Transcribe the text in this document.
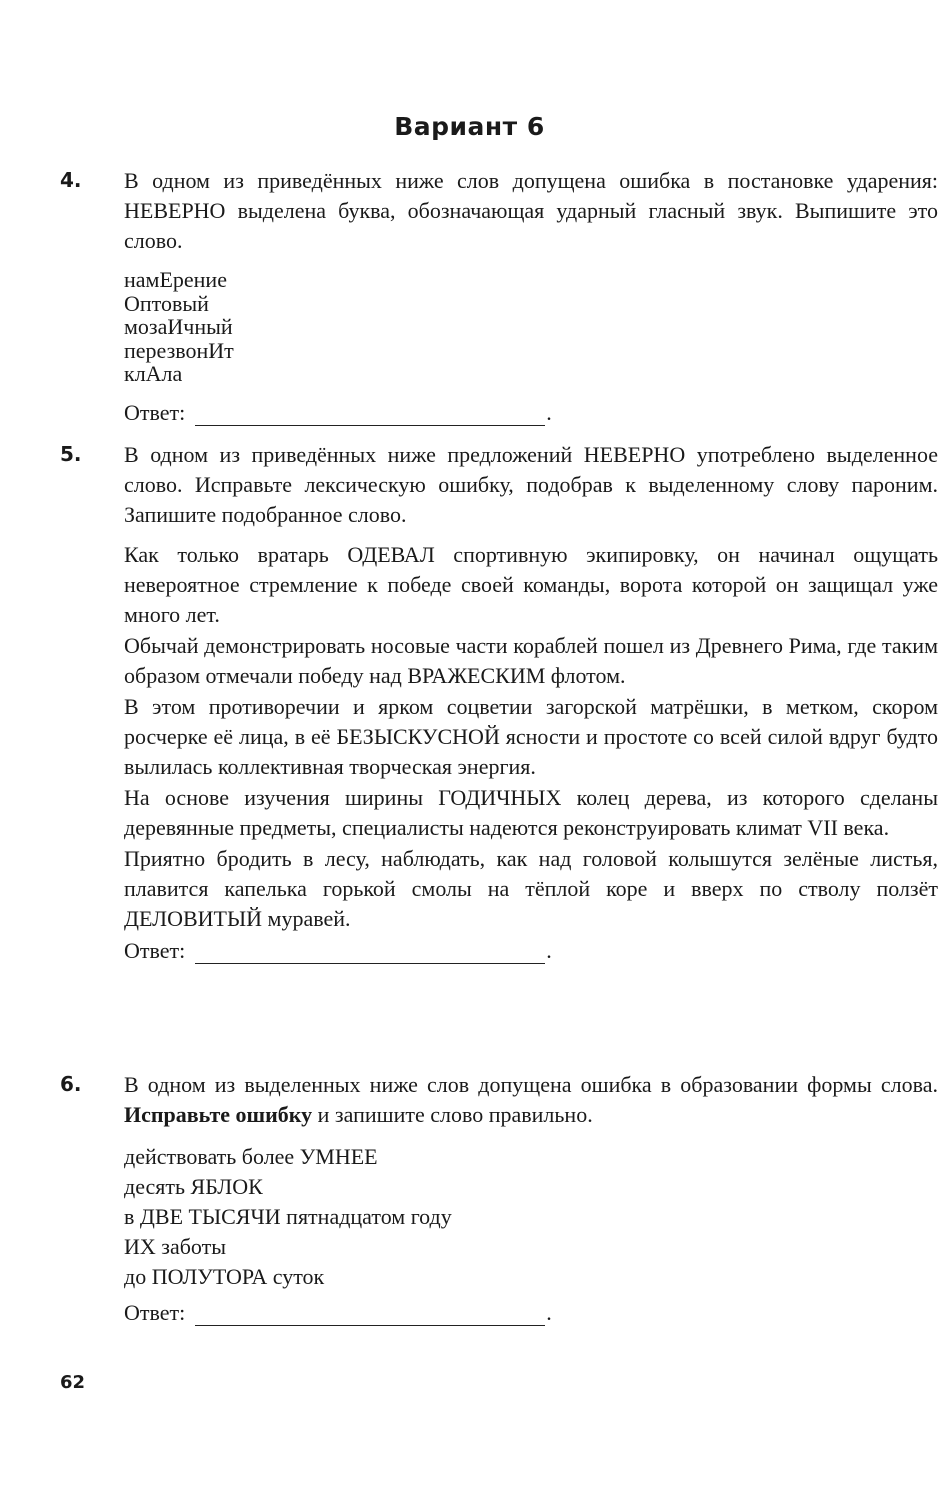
Вариант 6
4. В одном из приведённых ниже слов допущена ошибка в постановке ударения: НЕВЕРНО выделена буква, обозначающая ударный гласный звук. Выпишите это слово.

намЕрение
Оптовый
мозаИчный
перезвонИт
клАла
Ответ:	.
5. В одном из приведённых ниже предложений НЕВЕРНО употреблено выделенное слово. Исправьте лексическую ошибку, подобрав к выделенному слову пароним. Запишите подобранное слово.

Как только вратарь ОДЕВАЛ спортивную экипировку, он начинал ощущать невероятное стремление к победе своей команды, ворота которой он защищал уже много лет.

Обычай демонстрировать носовые части кораблей пошел из Древнего Рима, где таким образом отмечали победу над ВРАЖЕСКИМ флотом.

В этом противоречии и ярком соцветии загорской матрёшки, в метком, скором росчерке её лица, в её БЕЗЫСКУСНОЙ ясности и простоте со всей силой вдруг будто вылилась коллективная творческая энергия.

На основе изучения ширины ГОДИЧНЫХ колец дерева, из которого сделаны деревянные предметы, специалисты надеются реконструировать климат VII века.

Приятно бродить в лесу, наблюдать, как над головой колышутся зелёные листья, плавится капелька горькой смолы на тёплой коре и вверх по стволу ползёт ДЕЛОВИТЫЙ муравей.

Ответ:	.
6. В одном из выделенных ниже слов допущена ошибка в образовании формы слова. Исправьте ошибку и запишите слово правильно.

действовать более УМНЕЕ
десять ЯБЛОК
в ДВЕ ТЫСЯЧИ пятнадцатом году
ИХ заботы
до ПОЛУТОРА суток
Ответ:	.
62
